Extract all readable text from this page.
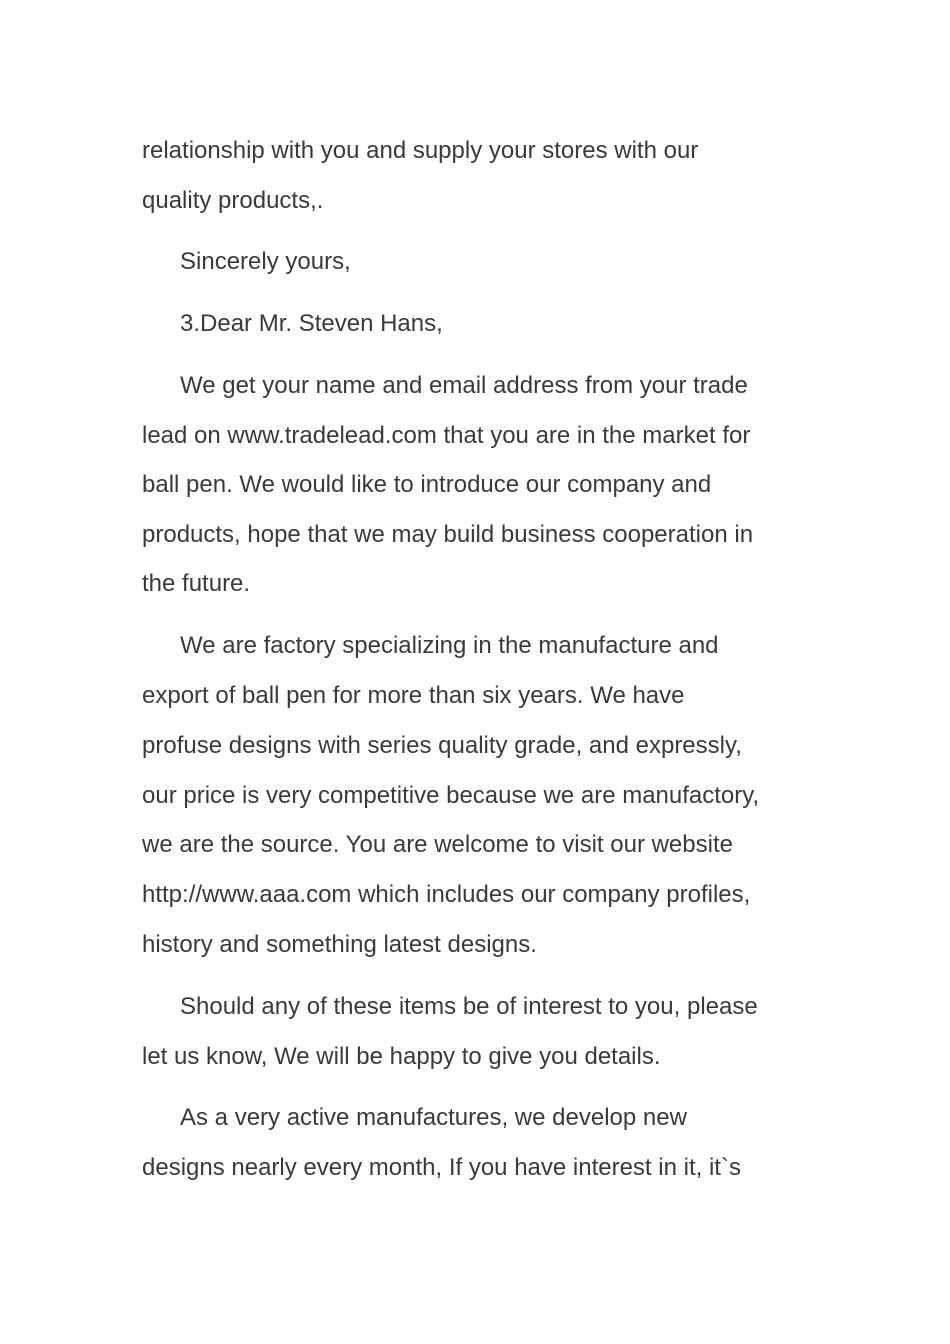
relationship with you and supply your stores with our
quality products,.
Sincerely yours,
3.Dear Mr. Steven Hans,
We get your name and email address from your trade
lead on www.tradelead.com that you are in the market for
ball pen. We would like to introduce our company and
products, hope that we may build business cooperation in
the future.
We are factory specializing in the manufacture and
export of ball pen for more than six years. We have
profuse designs with series quality grade, and expressly,
our price is very competitive because we are manufactory,
we are the source. You are welcome to visit our website
http://www.aaa.com which includes our company profiles,
history and something latest designs.
Should any of these items be of interest to you, please
let us know, We will be happy to give you details.
As a very active manufactures, we develop new
designs nearly every month, If you have interest in it, it`s
